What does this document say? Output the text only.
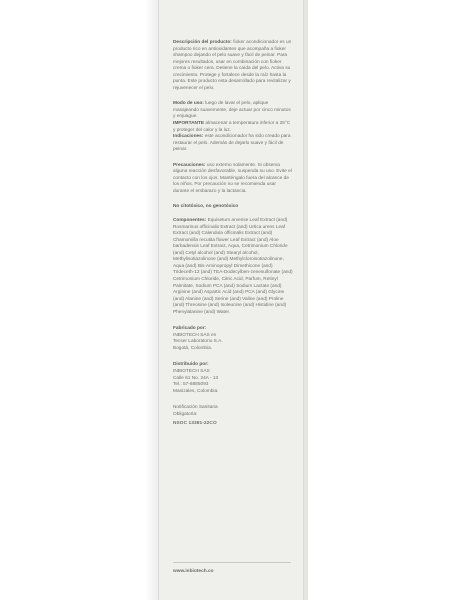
Descripción del producto: fioker acondicionador es un producto rico en antioxidantes que acompaña a fioker shampoo dejando el pelo suave y fácil de peinar. Para mejores resultados, usar en combinación con fioker crema o fioker cera. Detiene la caída del pelo. Activa su crecimiento. Protege y fortalece desde la raíz hasta la punta. Este producto esta desarrollado para revitalizar y rejuvenecer el pelo.
Modo de uso: luego de lavar el pelo, aplique masajeando suavemente, deje actuar por cinco minutos y enjuague.
IMPORTANTE almacenar a temperatura inferior a 25°C y proteger del calor y la luz.
Indicaciones: este acondicionador ha sido creado para restaurar el pelo. Además de dejarlo suave y fácil de peinar.
Precauciones: uso externo solamente. Si observa alguna reacción desfavorable, suspenda su uso. Evite el contacto con los ojos. Manténgalo fuera del alcance de los niños. Por precaución no se recomienda usar durante el embarazo y la lactancia.
No citotóxico, no genotóxico
Componentes: Equisetum arvense Leaf Extract (and) Rosmarinus officinalis Extract (and) Urtica urens Leaf Extract (and) Calendula officinalis Extract (and) Chamomilla recutita flower Leaf Extract (and) Aloe barbadensis Leaf Extract, Aqua, Cetrimonium Chloride (and) Cetyl alcohol (and) Stearyl alcohol, Methylisotiazolinone (and) Methylcloroisotiazolinone, Aqua (and) Bis-Aminopropyl Dimethicone (and) Trideceth-12 (and) TEA-Dodecylben-zenesulfonate (and) Cetrimonium Chloride, Citric Acid, Parfum, Retinyl Palmitate, Sodium PCA (and) Sodium Lactate (and) Arginine (and) Aspartic Acid (and) PCA (and) Glycine (and) Alanine (and) Serine (and) Valine (and) Proline (and) Threonine (and) Isoleucine (and) Histidine (and) Phenylalanine (and) Water.
Fabricado por:
INBIOTECH SAS en
Tecser Laboratorio S.A.
Bogotá, Colombia.
Distribuido por:
INBIOTECH SAS
Calle 61 No. 24A - 13
Tel.: 57-6885093
Manizales, Colombia.
Notificación Sanitaria
Obligatoria:
NSOC 13381-22CO
www.inbiotech.co
